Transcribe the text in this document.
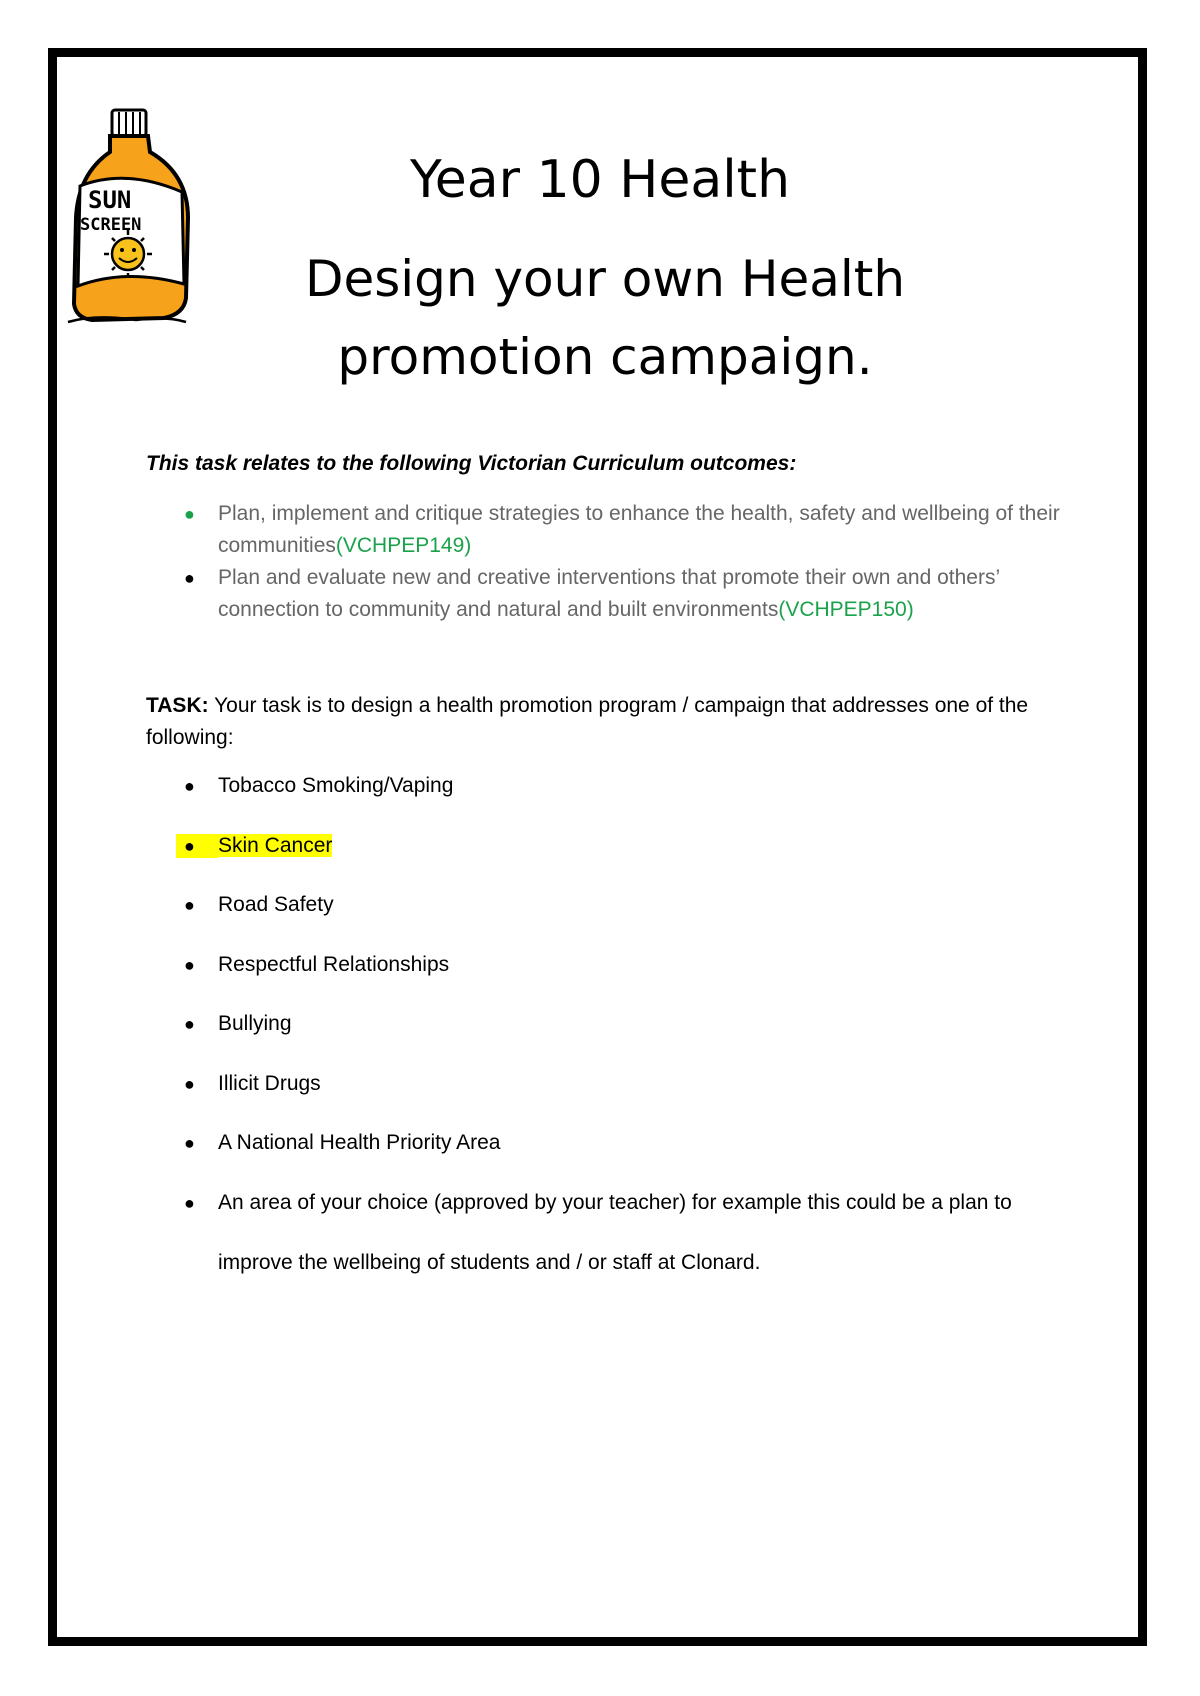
SUN
SCREEN
Year 10 Health
Design your own Health promotion campaign.
This task relates to the following Victorian Curriculum outcomes:
● Plan, implement and critique strategies to enhance the health, safety and wellbeing of their communities(VCHPEP149)
● Plan and evaluate new and creative interventions that promote their own and others’ connection to community and natural and built environments(VCHPEP150)
TASK: Your task is to design a health promotion program / campaign that addresses one of the following:
● Tobacco Smoking/Vaping
● Skin Cancer
● Road Safety
● Respectful Relationships
● Bullying
● Illicit Drugs
● A National Health Priority Area
● An area of your choice (approved by your teacher) for example this could be a plan to improve the wellbeing of students and / or staff at Clonard.
